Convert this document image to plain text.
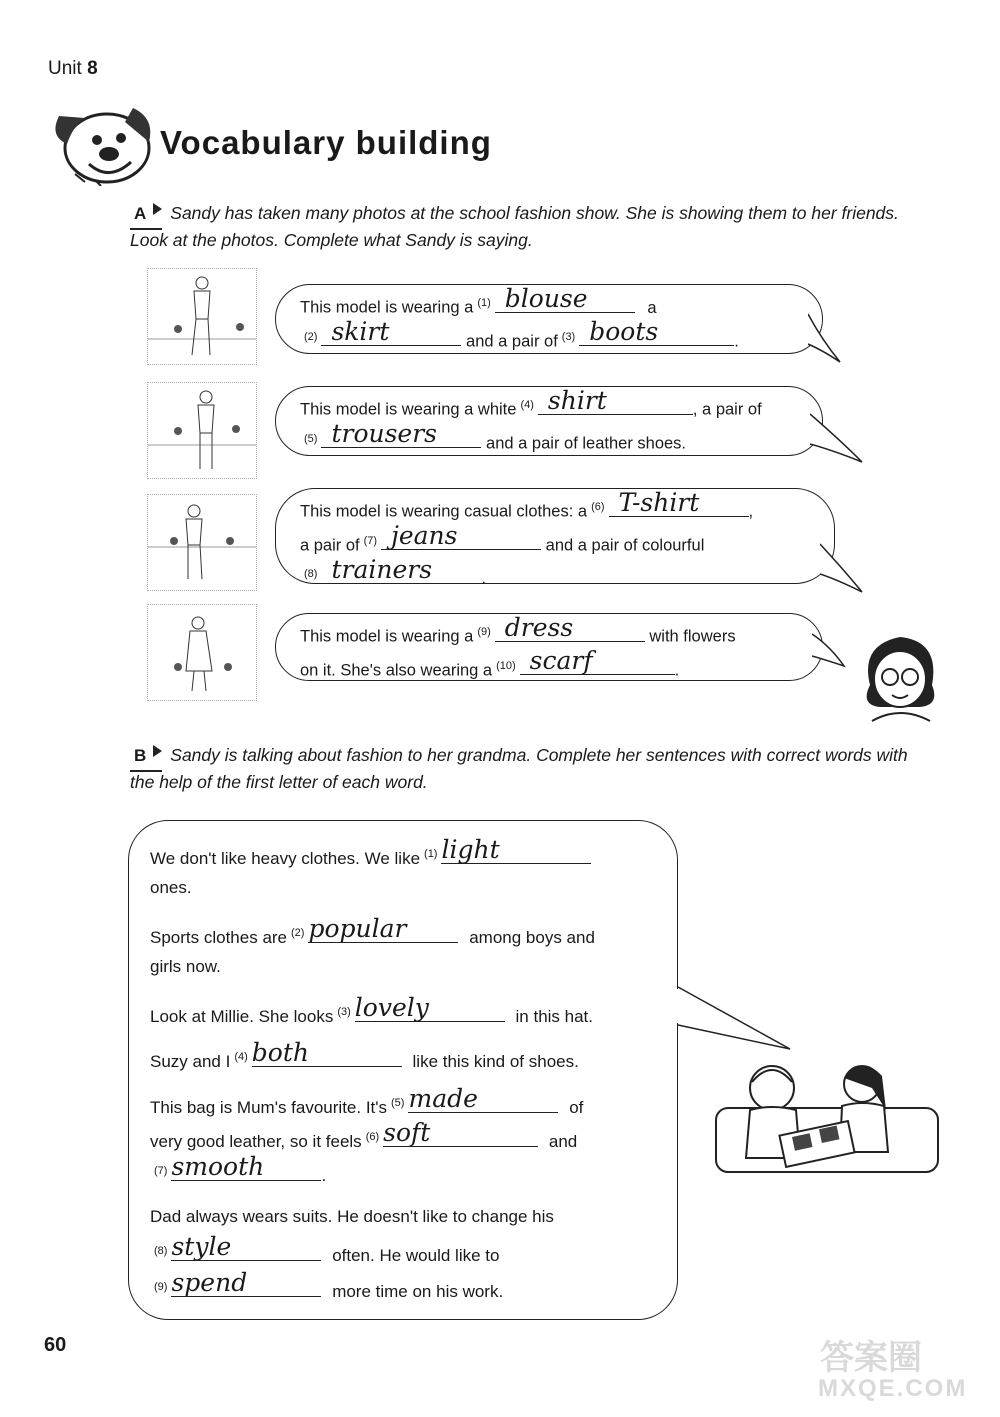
Unit 8
Vocabulary building
A Sandy has taken many photos at the school fashion show. She is showing them to her friends. Look at the photos. Complete what Sandy is saying.
This model is wearing a $^{(1)}$ blouse	a
$^{(2)}$ skirt	and a pair of $^{(3)}$ boots	.
This model is wearing a white $^{(4)}$ shirt	, a pair of
$^{(5)}$ trousers	and a pair of leather shoes.
This model is wearing casual clothes: a $^{(6)}$ T-shirt	,
a pair of $^{(7)}$ jeans	and a pair of colourful
$^{(8)}$ trainers	.
This model is wearing a $^{(9)}$ dress	with flowers
on it. She's also wearing a $^{(10)}$ scarf	.
B Sandy is talking about fashion to her grandma. Complete her sentences with correct words with the help of the first letter of each word.
We don't like heavy clothes. We like $^{(1)}$ light
ones.
Sports clothes are $^{(2)}$ popular	among boys and
girls now.
Look at Millie. She looks $^{(3)}$ lovely	in this hat.
Suzy and I $^{(4)}$ both	like this kind of shoes.
This bag is Mum's favourite. It's $^{(5)}$ made	of
very good leather, so it feels $^{(6)}$ soft	and
$^{(7)}$ smooth	.
Dad always wears suits. He doesn't like to change his
$^{(8)}$ style	often. He would like to
$^{(9)}$ spend	more time on his work.
60	答案圈
MXQE.COM
